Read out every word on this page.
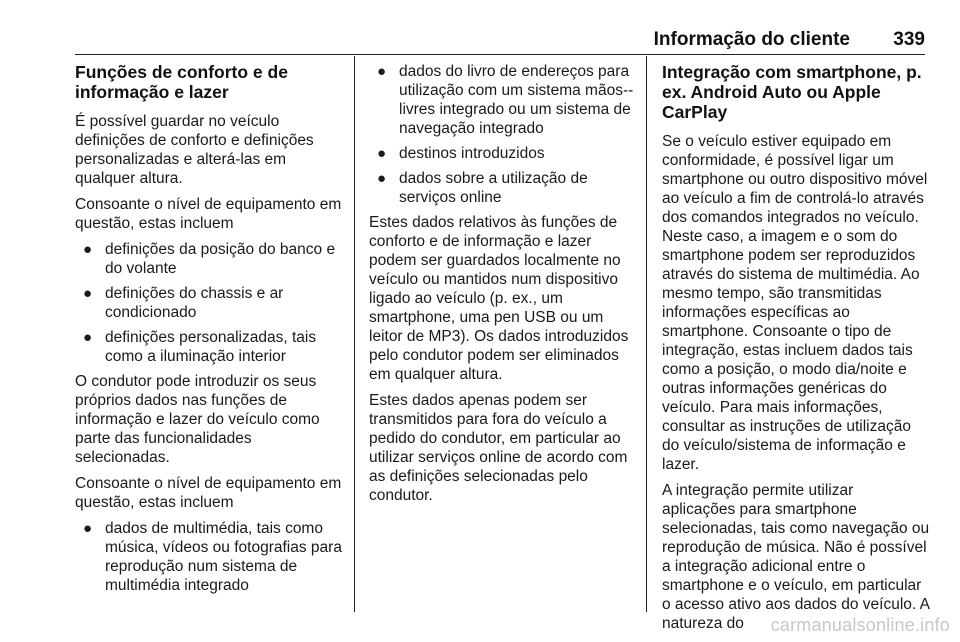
Informação do cliente 339
Funções de conforto e de informação e lazer

É possível guardar no veículo definições de conforto e definições personalizadas e alterá-las em qualquer altura.

Consoante o nível de equipamento em questão, estas incluem

● definições da posição do banco e do volante
● definições do chassis e ar condicionado
● definições personalizadas, tais como a iluminação interior

O condutor pode introduzir os seus próprios dados nas funções de informação e lazer do veículo como parte das funcionalidades selecionadas.

Consoante o nível de equipamento em questão, estas incluem

● dados de multimédia, tais como música, vídeos ou fotografias para reprodução num sistema de multimédia integrado
● dados do livro de endereços para utilização com um sistema mãos--livres integrado ou um sistema de navegação integrado
● destinos introduzidos
● dados sobre a utilização de serviços online

Estes dados relativos às funções de conforto e de informação e lazer podem ser guardados localmente no veículo ou mantidos num dispositivo ligado ao veículo (p. ex., um smartphone, uma pen USB ou um leitor de MP3). Os dados introduzidos pelo condutor podem ser eliminados em qualquer altura.

Estes dados apenas podem ser transmitidos para fora do veículo a pedido do condutor, em particular ao utilizar serviços online de acordo com as definições selecionadas pelo condutor.

Integração com smartphone, p. ex. Android Auto ou Apple CarPlay

Se o veículo estiver equipado em conformidade, é possível ligar um smartphone ou outro dispositivo móvel ao veículo a fim de controlá-lo através dos comandos integrados no veículo. Neste caso, a imagem e o som do smartphone podem ser reproduzidos através do sistema de multimédia. Ao mesmo tempo, são transmitidas informações específicas ao smartphone. Consoante o tipo de integração, estas incluem dados tais como a posição, o modo dia/noite e outras informações genéricas do veículo. Para mais informações, consultar as instruções de utilização do veículo/sistema de informação e lazer.

A integração permite utilizar aplicações para smartphone selecionadas, tais como navegação ou reprodução de música. Não é possível a integração adicional entre o smartphone e o veículo, em particular o acesso ativo aos dados do veículo. A natureza do	carmanualsonline.info
